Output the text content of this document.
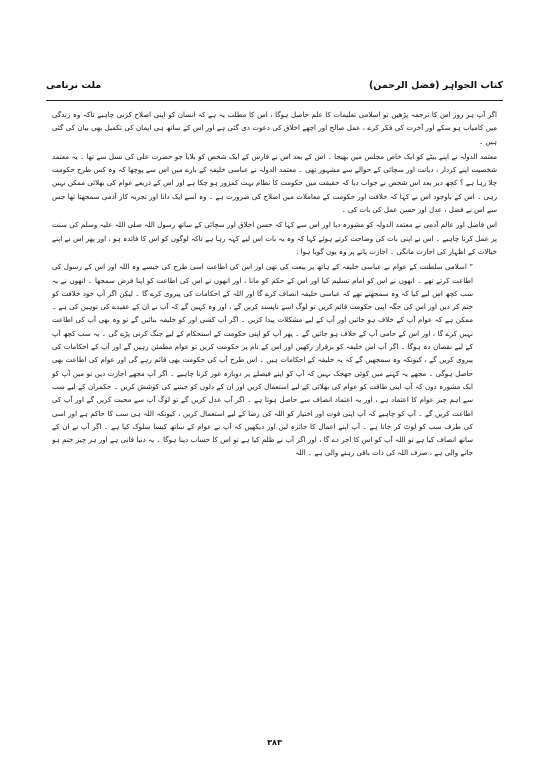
کتاب الجواہر (فضل الرحمن)
ملت نرنامی

اگر آپ ہر روز اس کا ترجمہ پڑھیں تو اسلامی تعلیمات کا علم حاصل ہوگا ، اس کا مطلب یہ ہے کہ انسان کو اپنی اصلاح کرنی چاہیے تاکہ وہ زندگی میں کامیاب ہو سکے اور آخرت کی فکر کرے ، عمل صالح اور اچھے اخلاق کی دعوت دی گئی ہے اور اس کے ساتھ ہی ایمان کی تکمیل بھی بیان کی گئی ہیں ۔

معتمد الدولہ نے اپنے بیٹے کو ایک خاص مجلس میں بھیجا ۔ اس کے بعد اس نے فارس کے ایک شخص کو بلایا جو حضرت علی کی نسل سے تھا ۔ یہ معتمد شخصیت اپنے کردار ، دیانت اور سچائی کے حوالے سے مشہور تھی ۔ معتمد الدولہ نے عباسی خلیفہ کے بارے میں اس سے پوچھا کہ وہ کس طرح حکومت چلا رہا ہے ؟ کچھ دیر بعد اس شخص نے جواب دیا کہ حقیقت میں حکومت کا نظام بہت کمزور ہو چکا ہے اور اس کے ذریعے عوام کی بھلائی ممکن نہیں رہی ۔ اس کے باوجود اس نے کہا کہ خلافت اور حکومت کے معاملات میں اصلاح کی ضرورت ہے ۔ وہ اسے ایک دانا اور تجربہ کار آدمی سمجھتا تھا جس سے اس نے فضل ، عدل اور حسن عمل کی بات کی ۔

اس فاضل اور عالم آدمی نے معتمد الدولہ کو مشورہ دیا اور اس سے کہا کہ حسن اخلاق اور سچائی کے ساتھ رسول اللہ صلی اللہ علیہ وسلم کی سنت پر عمل کرنا چاہیے ۔ اس نے اپنی بات کی وضاحت کرتے ہوئے کہا کہ وہ یہ بات اس لیے کہہ رہا ہے تاکہ لوگوں کو اس کا فائدہ ہو ، اور پھر اس نے اپنے خیالات کے اظہار کی اجازت مانگی ۔ اجازت پانے پر وہ یوں گویا ہوا :

” اسلامی سلطنت کے عوام نے عباسی خلیفہ کے ہاتھ پر بیعت کی تھی اور اس کی اطاعت اسی طرح کی جیسے وہ اللہ اور اس کے رسول کی اطاعت کرتے تھے ۔ انھوں نے اس کو امام تسلیم کیا اور اس کے حکم کو مانا ، اور انھوں نے اس کی اطاعت کو اپنا فرض سمجھا ۔ انھوں نے یہ سب کچھ اس لیے کیا کہ وہ سمجھتے تھے کہ عباسی خلیفہ انصاف کرے گا اور اللہ کے احکامات کی پیروی کرے گا ۔ لیکن اگر آپ خود خلافت کو ختم کر دیں اور اس کی جگہ اپنی حکومت قائم کریں تو لوگ اسے ناپسند کریں گے ، اور وہ کہیں گے کہ آپ نے ان کے عقیدے کی توہین کی ہے ۔ ممکن ہے کہ عوام آپ کے خلاف ہو جائیں اور آپ کے لیے مشکلات پیدا کریں ۔ اگر آپ کسی اور کو خلیفہ بنائیں گے تو وہ بھی آپ کی اطاعت نہیں کرے گا ، اور اس کے حامی آپ کے خلاف ہو جائیں گے ۔ پھر آپ کو اپنی حکومت کے استحکام کے لیے جنگ کرنی پڑے گی ۔ یہ سب کچھ آپ کے لیے نقصان دہ ہوگا ۔ اگر آپ اس خلیفہ کو برقرار رکھیں اور اس کے نام پر حکومت کریں تو عوام مطمئن رہیں گے اور آپ کے احکامات کی پیروی کریں گے ، کیونکہ وہ سمجھیں گے کہ یہ خلیفہ کے احکامات ہیں ۔ اس طرح آپ کی حکومت بھی قائم رہے گی اور عوام کی اطاعت بھی حاصل ہوگی ۔ مجھے یہ کہنے میں کوئی جھجک نہیں کہ آپ کو اپنے فیصلے پر دوبارہ غور کرنا چاہیے ۔ اگر آپ مجھے اجازت دیں تو میں آپ کو ایک مشورہ دوں کہ آپ اپنی طاقت کو عوام کی بھلائی کے لیے استعمال کریں اور ان کے دلوں کو جیتنے کی کوشش کریں ۔ حکمران کے لیے سب سے اہم چیز عوام کا اعتماد ہے ، اور یہ اعتماد انصاف سے حاصل ہوتا ہے ۔ اگر آپ عدل کریں گے تو لوگ آپ سے محبت کریں گے اور آپ کی اطاعت کریں گے ۔ آپ کو چاہیے کہ آپ اپنی قوت اور اختیار کو اللہ کی رضا کے لیے استعمال کریں ، کیونکہ اللہ ہی سب کا حاکم ہے اور اسی کی طرف سب کو لوٹ کر جانا ہے ۔ آپ اپنے اعمال کا جائزہ لیں اور دیکھیں کہ آپ نے عوام کے ساتھ کیسا سلوک کیا ہے ۔ اگر آپ نے ان کے ساتھ انصاف کیا ہے تو اللہ آپ کو اس کا اجر دے گا ، اور اگر آپ نے ظلم کیا ہے تو اس کا حساب دینا ہوگا ۔ یہ دنیا فانی ہے اور ہر چیز ختم ہو جانے والی ہے ، صرف اللہ کی ذات باقی رہنے والی ہے ۔ اللہ

۳۸۳
